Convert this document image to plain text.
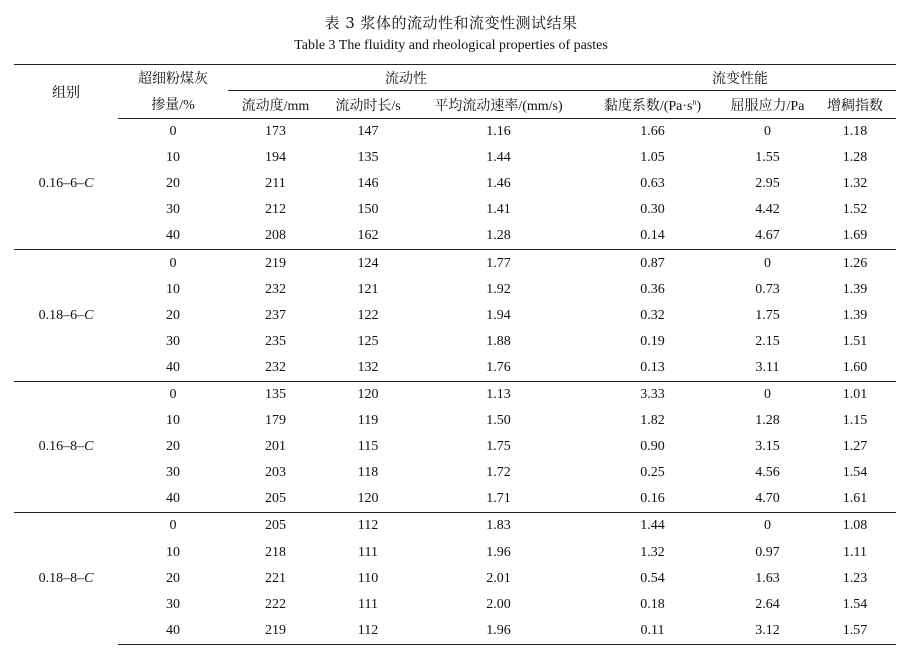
表 3 浆体的流动性和流变性测试结果
Table 3 The fluidity and rheological properties of pastes
组别	超细粉煤灰	流动性			流变性能		
	掺量/%	流动度/mm	流动时长/s	平均流动速率/(mm/s)	黏度系数$/(Pa\cdot s^n)$	屈服应力/Pa	增稠指数
0.16–6–C	0	173	147	1.16	1.66	0	1.18
	10	194	135	1.44	1.05	1.55	1.28
	20	211	146	1.46	0.63	2.95	1.32
	30	212	150	1.41	0.30	4.42	1.52
	40	208	162	1.28	0.14	4.67	1.69
0.18–6–C	0	219	124	1.77	0.87	0	1.26
	10	232	121	1.92	0.36	0.73	1.39
	20	237	122	1.94	0.32	1.75	1.39
	30	235	125	1.88	0.19	2.15	1.51
	40	232	132	1.76	0.13	3.11	1.60
0.16–8–C	0	135	120	1.13	3.33	0	1.01
	10	179	119	1.50	1.82	1.28	1.15
	20	201	115	1.75	0.90	3.15	1.27
	30	203	118	1.72	0.25	4.56	1.54
	40	205	120	1.71	0.16	4.70	1.61
0.18–8–C	0	205	112	1.83	1.44	0	1.08
	10	218	111	1.96	1.32	0.97	1.11
	20	221	110	2.01	0.54	1.63	1.23
	30	222	111	2.00	0.18	2.64	1.54
	40	219	112	1.96	0.11	3.12	1.57
